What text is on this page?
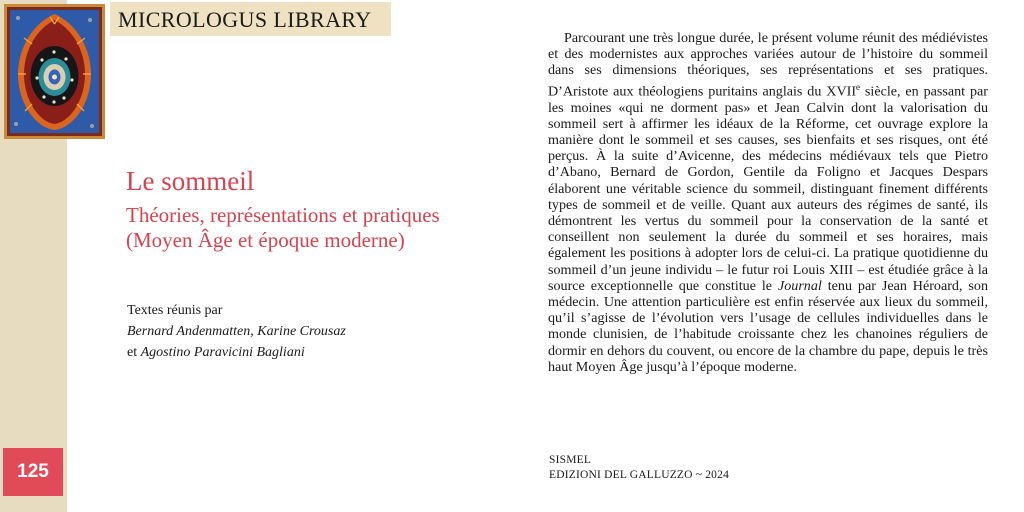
MICROLOGUS LIBRARY
125
Le sommeil
Théories, représentations et pratiques
(Moyen Âge et époque moderne)
Textes réunis par
Bernard Andenmatten, Karine Crousaz
et Agostino Paravicini Bagliani

Parcourant une très longue durée, le présent volume réunit des médiévistes et des modernistes aux approches variées autour de l’histoire du sommeil dans ses dimensions théoriques, ses représentations et ses pratiques. D’Aristote aux théologiens puritains anglais du XVIIe siècle, en passant par les moines «qui ne dorment pas» et Jean Calvin dont la valorisation du sommeil sert à affirmer les idéaux de la Réforme, cet ouvrage explore la manière dont le sommeil et ses causes, ses bienfaits et ses risques, ont été perçus. À la suite d’Avicenne, des médecins médiévaux tels que Pietro d’Abano, Bernard de Gordon, Gentile da Foligno et Jacques Despars élaborent une véritable science du sommeil, distinguant finement différents types de sommeil et de veille. Quant aux auteurs des régimes de santé, ils démontrent les vertus du sommeil pour la conservation de la santé et conseillent non seulement la durée du sommeil et ses horaires, mais également les positions à adopter lors de celui-ci. La pratique quotidienne du sommeil d’un jeune individu – le futur roi Louis XIII – est étudiée grâce à la source exceptionnelle que constitue le Journal tenu par Jean Héroard, son médecin. Une attention particulière est enfin réservée aux lieux du sommeil, qu’il s’agisse de l’évolution vers l’usage de cellules individuelles dans le monde clunisien, de l’habitude croissante chez les chanoines réguliers de dormir en dehors du couvent, ou encore de la chambre du pape, depuis le très haut Moyen Âge jusqu’à l’époque moderne.

SISMEL
EDIZIONI DEL GALLUZZO ~ 2024
